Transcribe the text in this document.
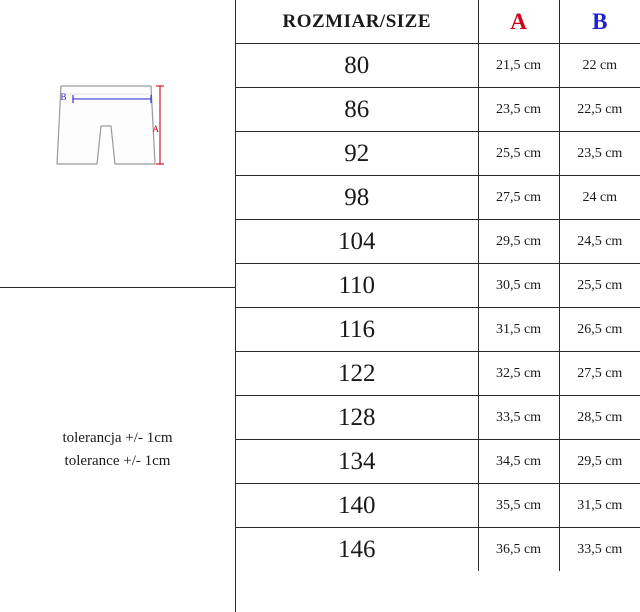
A
B
tolerancja +/- 1cm
tolerance +/- 1cm
ROZMIAR/SIZE	A	B
80	21,5 cm	22 cm
86	23,5 cm	22,5 cm
92	25,5 cm	23,5 cm
98	27,5 cm	24 cm
104	29,5 cm	24,5 cm
110	30,5 cm	25,5 cm
116	31,5 cm	26,5 cm
122	32,5 cm	27,5 cm
128	33,5 cm	28,5 cm
134	34,5 cm	29,5 cm
140	35,5 cm	31,5 cm
146	36,5 cm	33,5 cm
